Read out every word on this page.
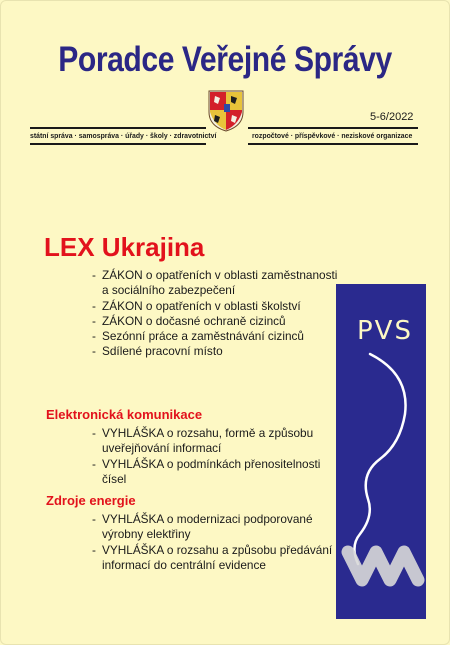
Poradce Veřejné Správy
5-6/2022
státní správa · samospráva · úřady · školy · zdravotnictví	rozpočtové · příspěvkové · neziskové organizace
PVS
LEX Ukrajina
- ZÁKON o opatřeních v oblasti zaměstnanosti a sociálního zabezpečení
- ZÁKON o opatřeních v oblasti školství
- ZÁKON o dočasné ochraně cizinců
- Sezónní práce a zaměstnávání cizinců
- Sdílené pracovní místo
Elektronická komunikace
- VYHLÁŠKA o rozsahu, formě a způsobu uveřejňování informací
- VYHLÁŠKA o podmínkách přenositelnosti čísel
Zdroje energie
- VYHLÁŠKA o modernizaci podporované výrobny elektřiny
- VYHLÁŠKA o rozsahu a způsobu předávání informací do centrální evidence
